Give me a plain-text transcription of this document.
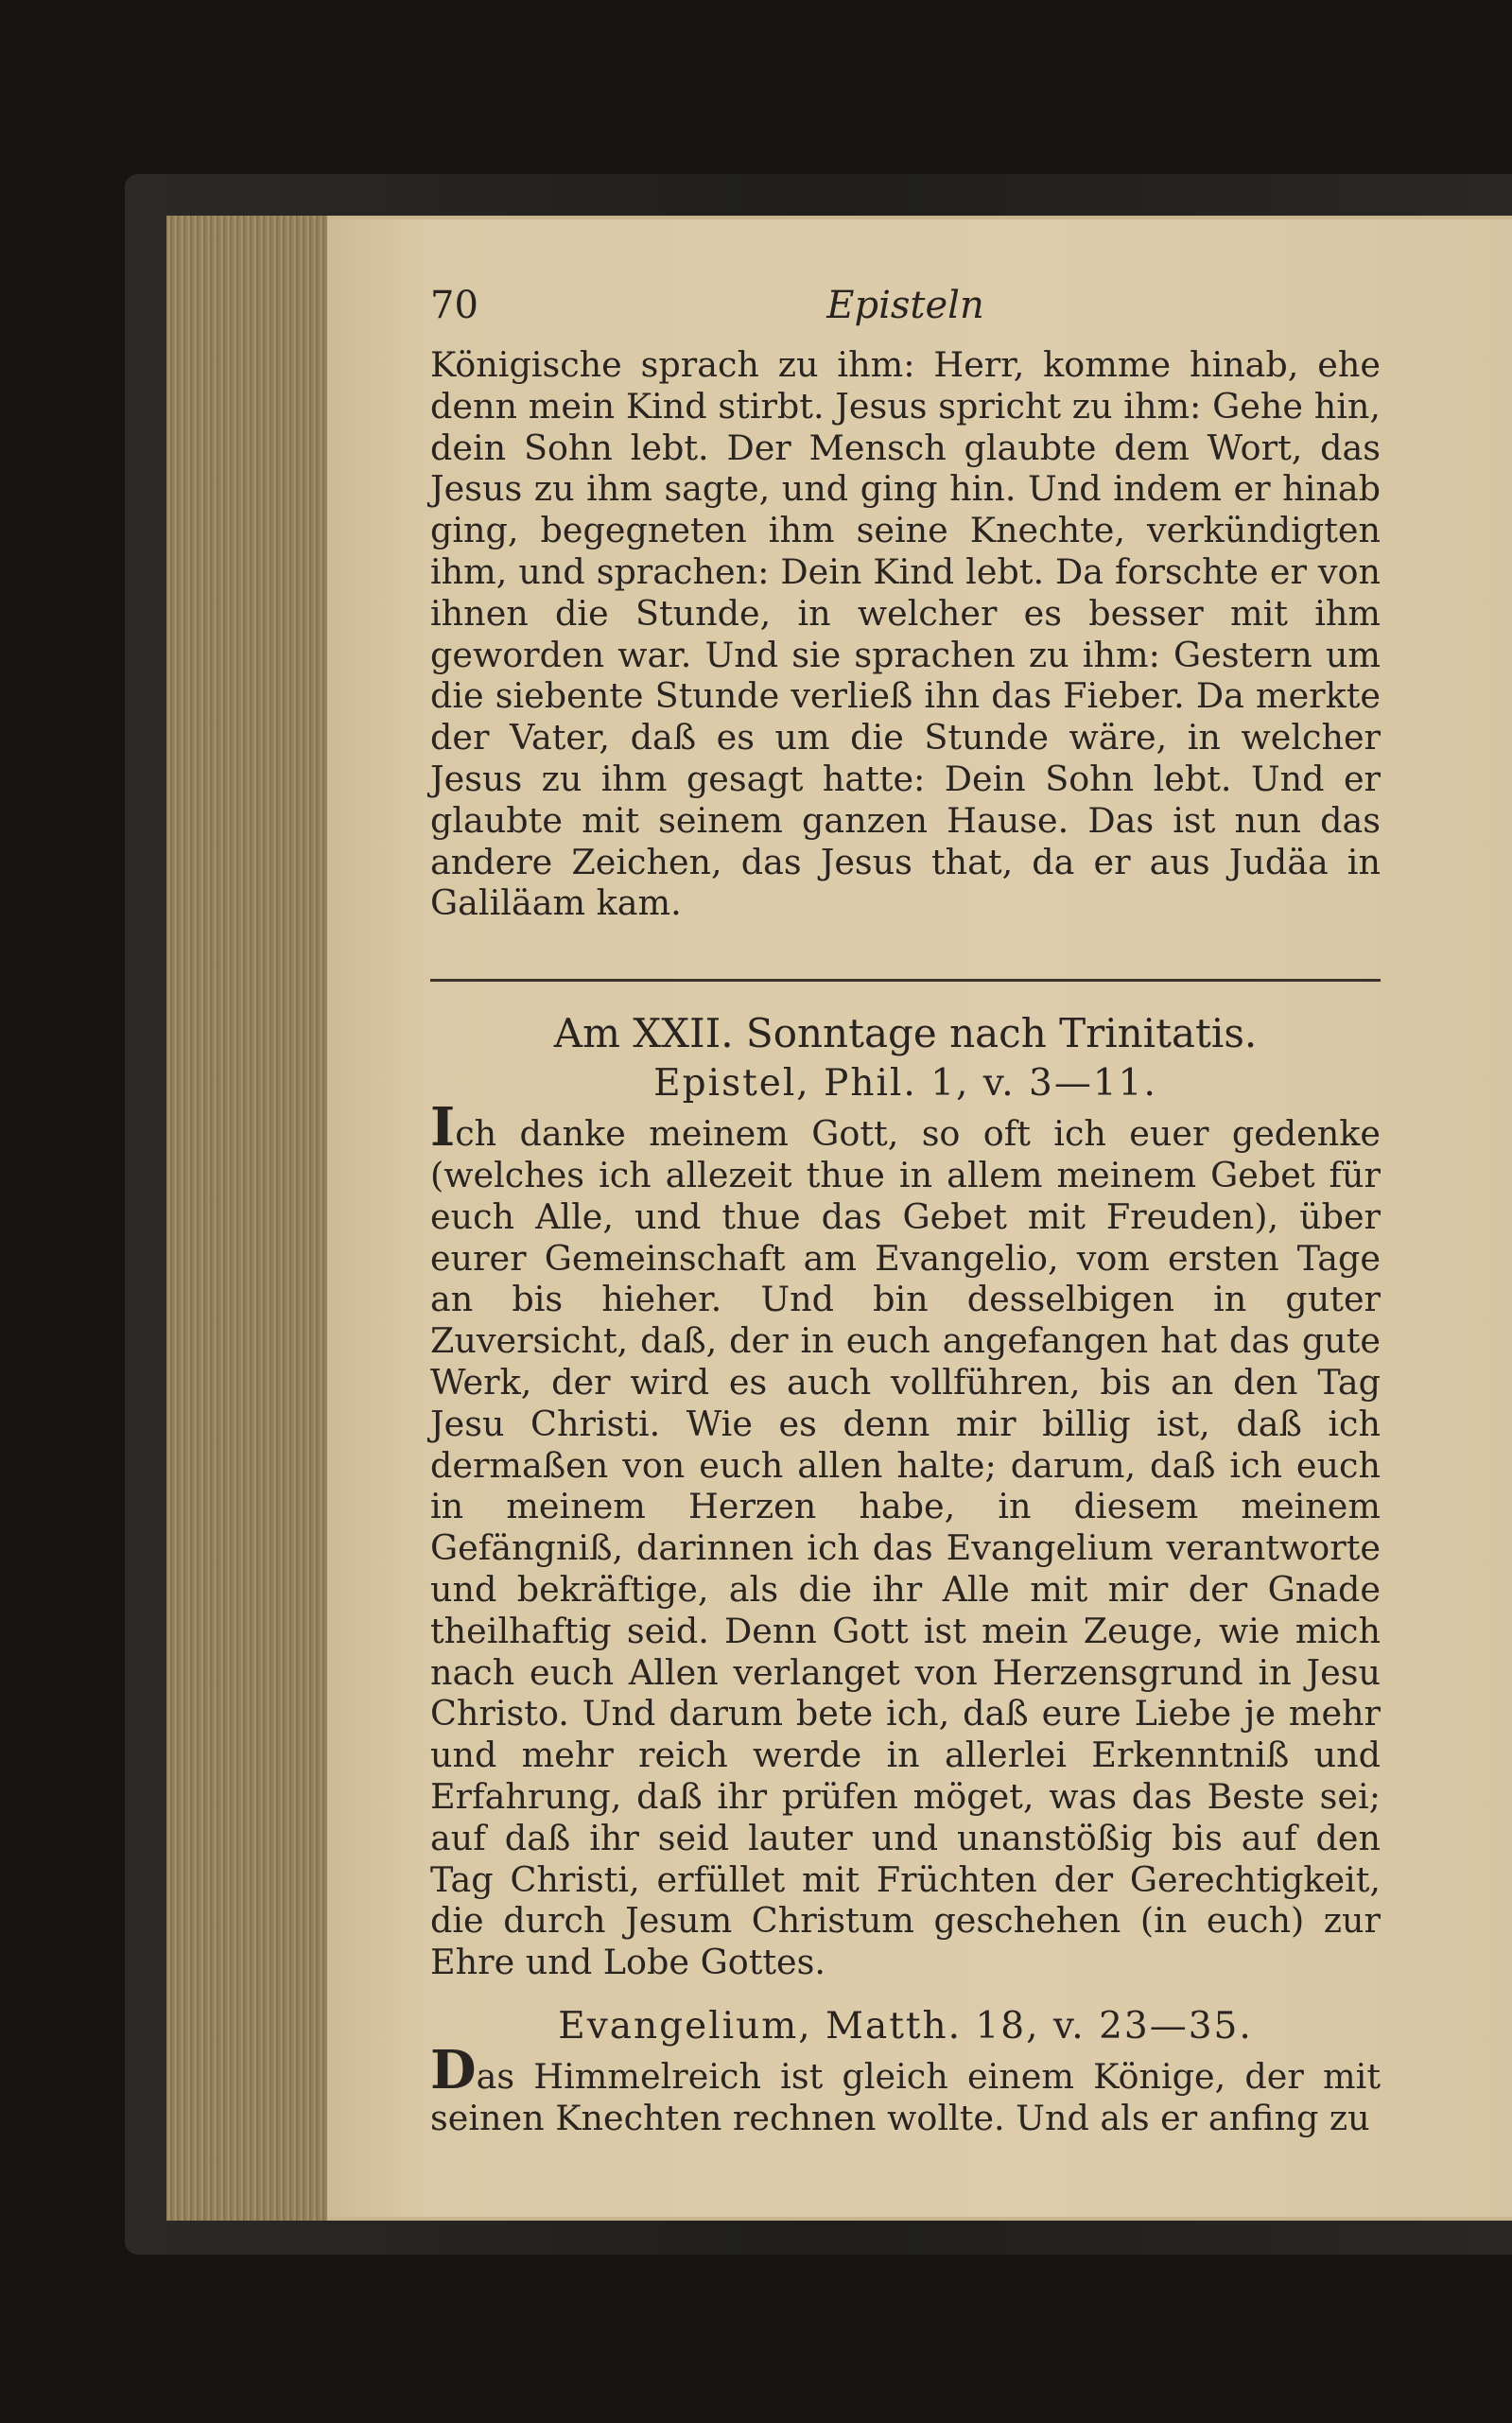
70	Episteln

Königische sprach zu ihm: Herr, komme hinab, ehe denn mein Kind stirbt. Jesus spricht zu ihm: Gehe hin, dein Sohn lebt. Der Mensch glaubte dem Wort, das Jesus zu ihm sagte, und ging hin. Und indem er hinab ging, begegneten ihm seine Knechte, verkündigten ihm, und sprachen: Dein Kind lebt. Da forschte er von ihnen die Stunde, in welcher es besser mit ihm geworden war. Und sie sprachen zu ihm: Gestern um die siebente Stunde verließ ihn das Fieber. Da merkte der Vater, daß es um die Stunde wäre, in welcher Jesus zu ihm gesagt hatte: Dein Sohn lebt. Und er glaubte mit seinem ganzen Hause. Das ist nun das andere Zeichen, das Jesus that, da er aus Judäa in Galiläam kam.

Am XXII. Sonntage nach Trinitatis.
Epistel, Phil. 1, v. 3—11.

Ich danke meinem Gott, so oft ich euer gedenke (welches ich allezeit thue in allem meinem Gebet für euch Alle, und thue das Gebet mit Freuden), über eurer Gemeinschaft am Evangelio, vom ersten Tage an bis hieher. Und bin desselbigen in guter Zuversicht, daß, der in euch angefangen hat das gute Werk, der wird es auch vollführen, bis an den Tag Jesu Christi. Wie es denn mir billig ist, daß ich dermaßen von euch allen halte; darum, daß ich euch in meinem Herzen habe, in diesem meinem Gefängniß, darinnen ich das Evangelium verantworte und bekräftige, als die ihr Alle mit mir der Gnade theilhaftig seid. Denn Gott ist mein Zeuge, wie mich nach euch Allen verlanget von Herzensgrund in Jesu Christo. Und darum bete ich, daß eure Liebe je mehr und mehr reich werde in allerlei Erkenntniß und Erfahrung, daß ihr prüfen möget, was das Beste sei; auf daß ihr seid lauter und unanstößig bis auf den Tag Christi, erfüllet mit Früchten der Gerechtigkeit, die durch Jesum Christum geschehen (in euch) zur Ehre und Lobe Gottes.

Evangelium, Matth. 18, v. 23—35.

Das Himmelreich ist gleich einem Könige, der mit seinen Knechten rechnen wollte. Und als er anfing zu
